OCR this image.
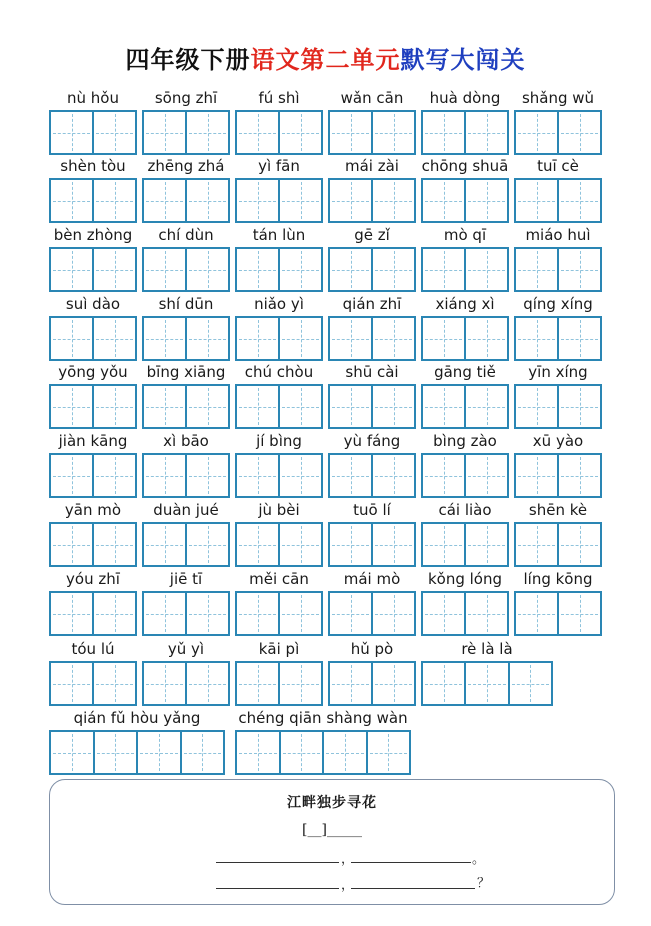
四年级下册语文第二单元默写大闯关
nù hǒu	sōng zhī	fú shì	wǎn cān	huà dòng	shǎng wǔ
shèn tòu	zhēng zhá	yì fān	mái zài	chōng shuā	tuī cè
bèn zhòng	chí dùn	tán lùn	gē zǐ	mò qī	miáo huì
suì dào	shí dūn	niǎo yì	qián zhī	xiáng xì	qíng xíng
yōng yǒu	bīng xiāng	chú chòu	shū cài	gāng tiě	yīn xíng
jiàn kāng	xì bāo	jí bìng	yù fáng	bìng zào	xū yào
yān mò	duàn jué	jù bèi	tuō lí	cái liào	shēn kè
yóu zhī	jiē tī	měi cān	mái mò	kǒng lóng	líng kōng
tóu lú	yǔ yì	kāi pì	hǔ pò	rè là là
qián fǔ hòu yǎng	chéng qiān shàng wàn
江畔独步寻花
[__]_____
，	。
，	？
